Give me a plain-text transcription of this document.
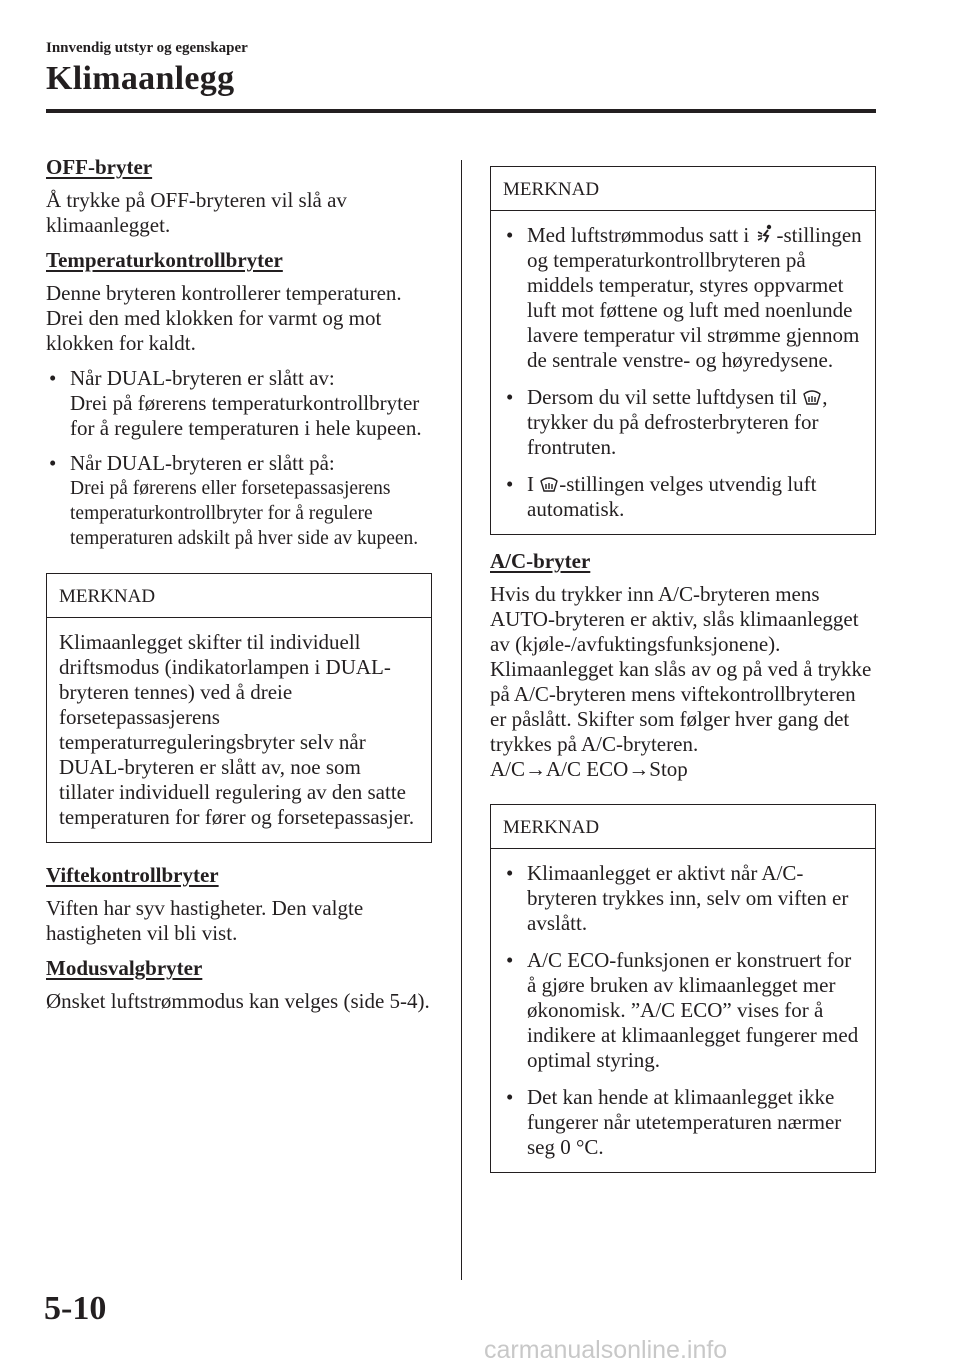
Innvendig utstyr og egenskaper
Klimaanlegg
OFF-bryter

Å trykke på OFF-bryteren vil slå av klimaanlegget.

Temperaturkontrollbryter

Denne bryteren kontrollerer temperaturen. Drei den med klokken for varmt og mot klokken for kaldt.

• Når DUAL-bryteren er slått av:
Drei på førerens temperaturkontrollbryter for å regulere temperaturen i hele kupeen.
• Når DUAL-bryteren er slått på:
Drei på førerens eller forsetepassasjerens temperaturkontrollbryter for å regulere temperaturen adskilt på hver side av kupeen.
MERKNAD
Klimaanlegget skifter til individuell driftsmodus (indikatorlampen i DUAL-bryteren tennes) ved å dreie forsetepassasjerens temperaturreguleringsbryter selv når DUAL-bryteren er slått av, noe som tillater individuell regulering av den satte temperaturen for fører og forsetepassasjer.
Viftekontrollbryter

Viften har syv hastigheter. Den valgte hastigheten vil bli vist.

Modusvalgbryter

Ønsket luftstrømmodus kan velges (side 5-4).

MERKNAD
• Med luftstrømmodus satt i -stillingen og temperaturkontrollbryteren på middels temperatur, styres oppvarmet luft mot føttene og luft med noenlunde lavere temperatur vil strømme gjennom de sentrale venstre- og høyredysene.
• Dersom du vil sette luftdysen til , trykker du på defrosterbryteren for frontruten.
• I -stillingen velges utvendig luft automatisk.
A/C-bryter

Hvis du trykker inn A/C-bryteren mens AUTO-bryteren er aktiv, slås klimaanlegget av (kjøle-/avfuktingsfunksjonene). Klimaanlegget kan slås av og på ved å trykke på A/C-bryteren mens viftekontrollbryteren er påslått. Skifter som følger hver gang det trykkes på A/C-bryteren.

A/C→A/C ECO→Stop

MERKNAD
• Klimaanlegget er aktivt når A/C-bryteren trykkes inn, selv om viften er avslått.
• A/C ECO-funksjonen er konstruert for å gjøre bruken av klimaanlegget mer økonomisk. ”A/C ECO” vises for å indikere at klimaanlegget fungerer med optimal styring.
• Det kan hende at klimaanlegget ikke fungerer når utetemperaturen nærmer seg 0 °C.
5-10
carmanualsonline.info
